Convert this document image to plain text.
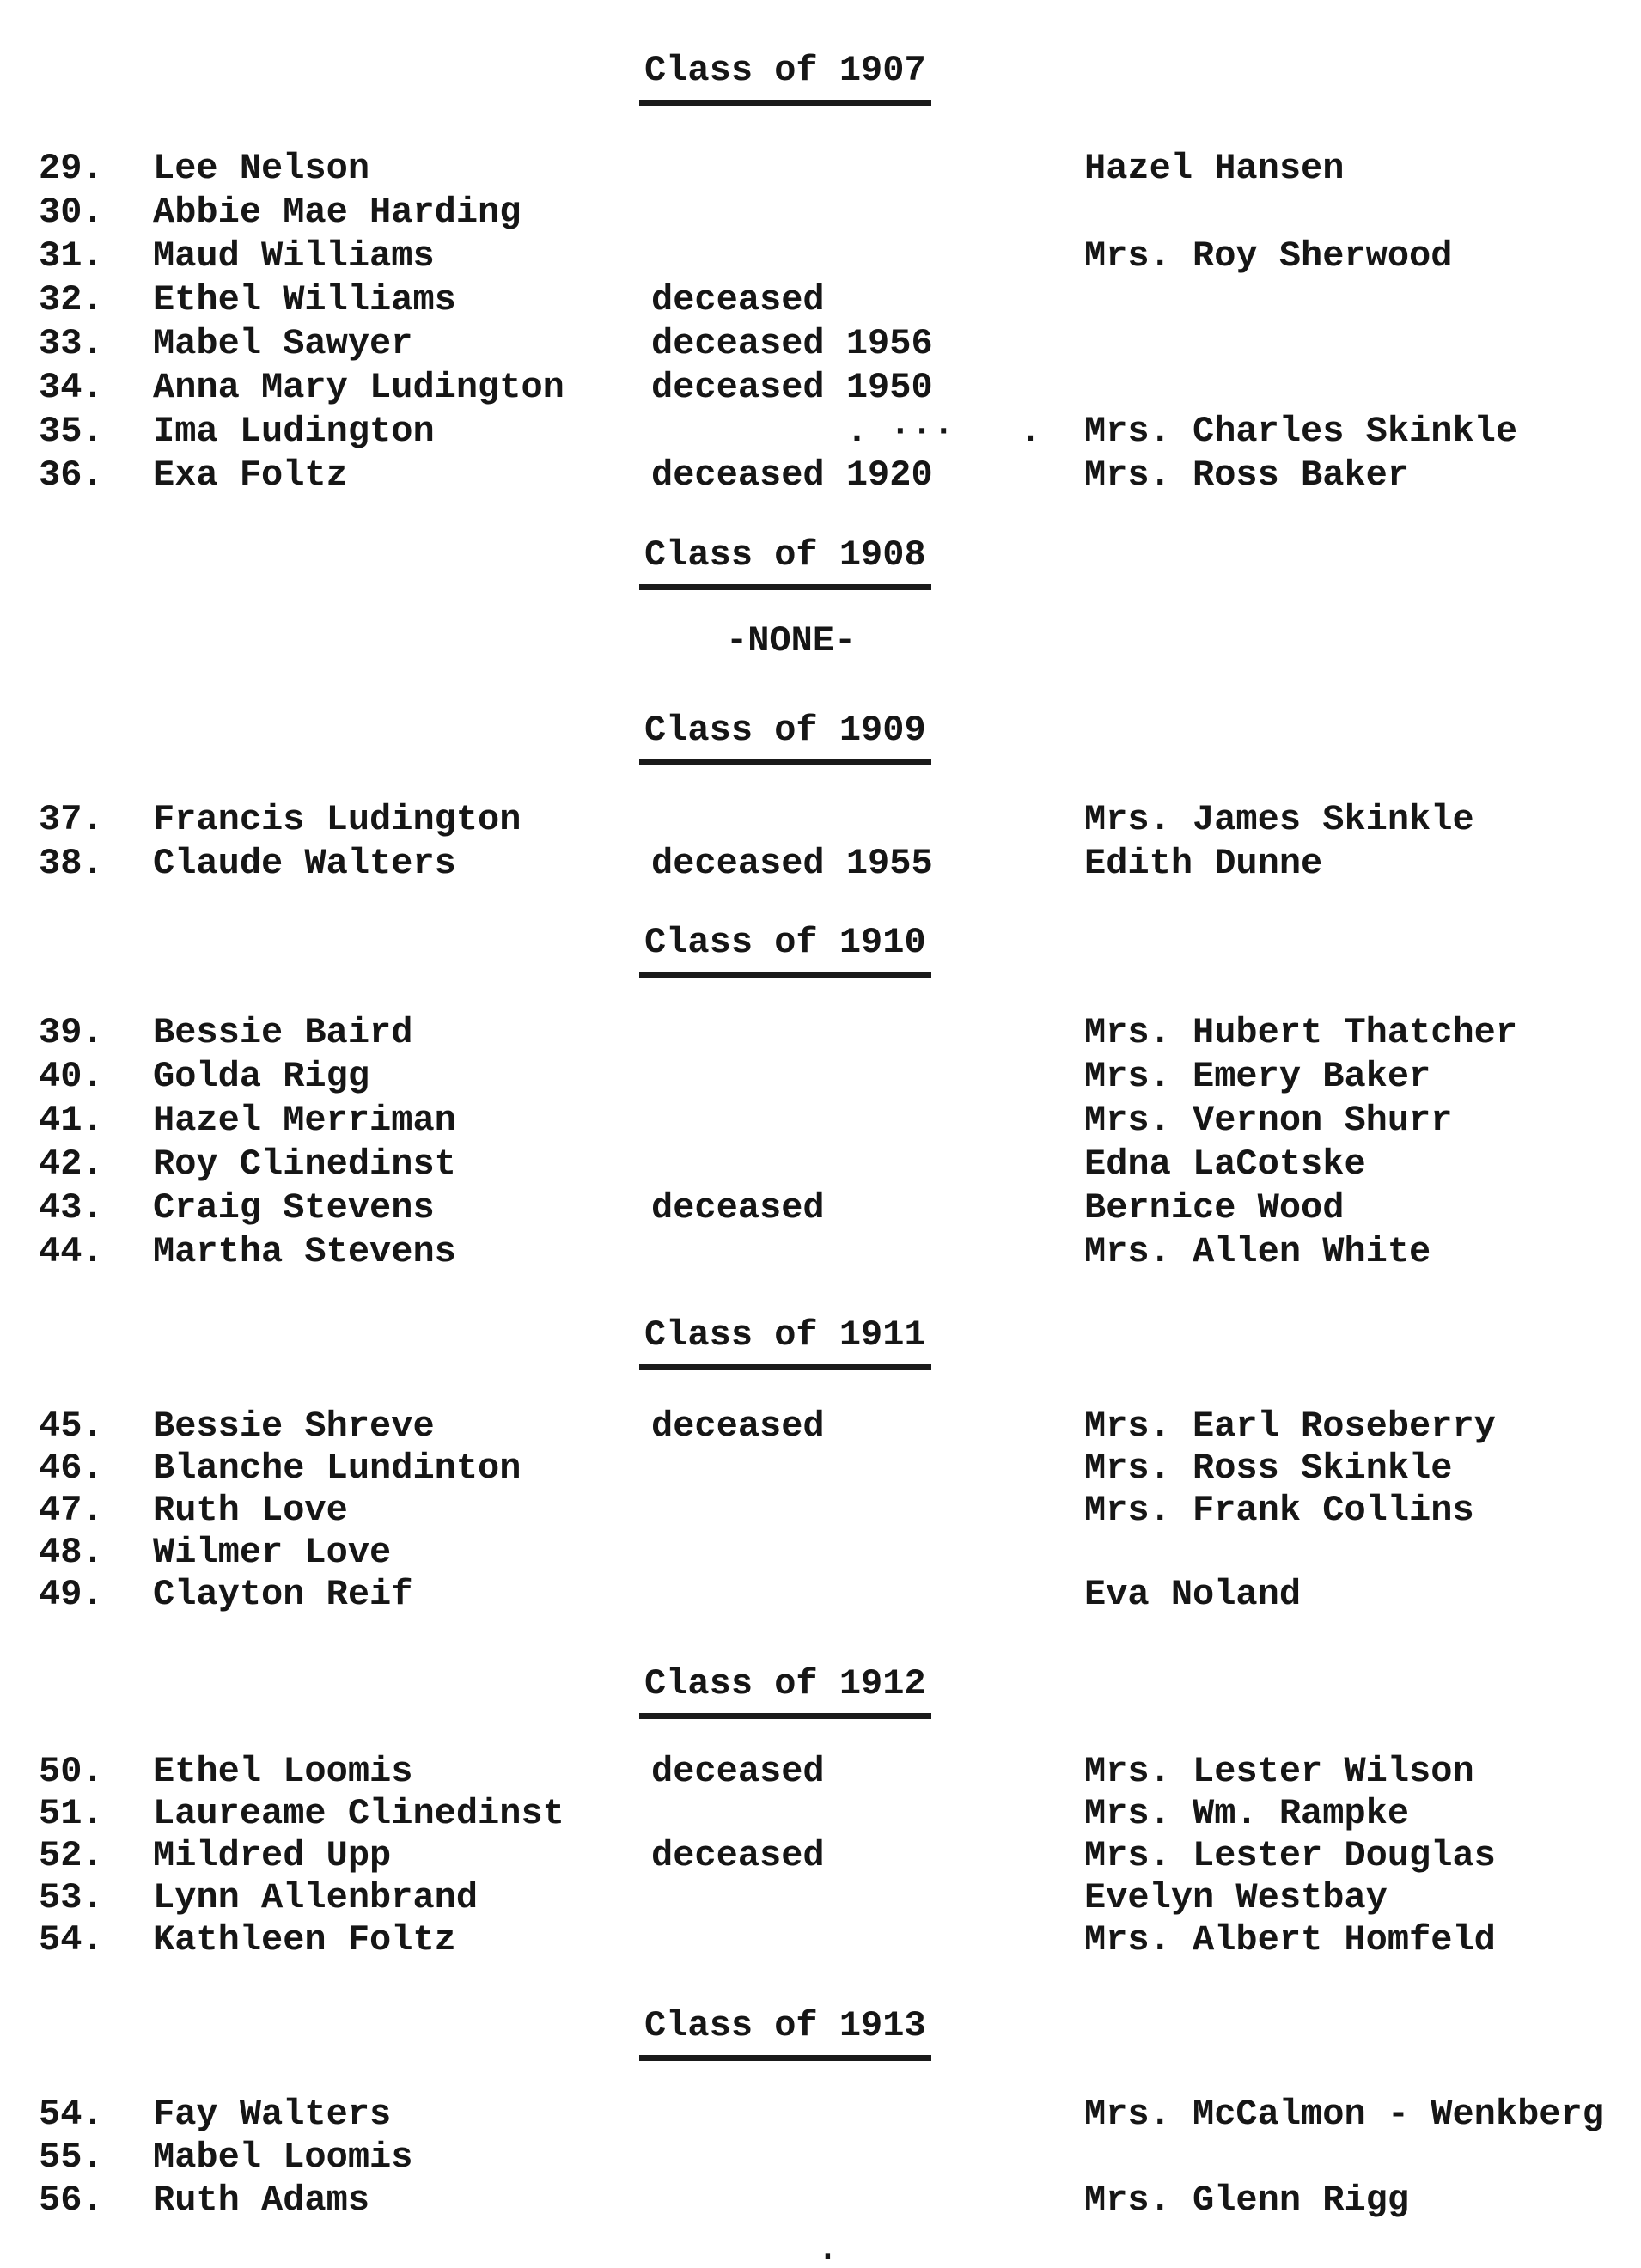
Class of 1907
29. Lee Nelson	Hazel Hansen
30. Abbie Mae Harding
31. Maud Williams	Mrs. Roy Sherwood
32. Ethel Williams	deceased
33. Mabel Sawyer	deceased 1956
34. Anna Mary Ludington deceased 1950
35. Ima Ludington	. ···   . Mrs. Charles Skinkle
36. Exa Foltz	deceased 1920	Mrs. Ross Baker
Class of 1908
-NONE-
Class of 1909
37. Francis Ludington	Mrs. James Skinkle
38. Claude Walters	deceased 1955	Edith Dunne
Class of 1910
39. Bessie Baird	Mrs. Hubert Thatcher
40. Golda Rigg	Mrs. Emery Baker
41. Hazel Merriman	Mrs. Vernon Shurr
42. Roy Clinedinst	Edna LaCotske
43. Craig Stevens	deceased	Bernice Wood
44. Martha Stevens	Mrs. Allen White
Class of 1911
45. Bessie Shreve	deceased	Mrs. Earl Roseberry
46. Blanche Lundinton	Mrs. Ross Skinkle
47. Ruth Love	Mrs. Frank Collins
48. Wilmer Love
49. Clayton Reif	Eva Noland
Class of 1912
50. Ethel Loomis	deceased	Mrs. Lester Wilson
51. Laureame Clinedinst	Mrs. Wm. Rampke
52. Mildred Upp	deceased	Mrs. Lester Douglas
53. Lynn Allenbrand	Evelyn Westbay
54. Kathleen Foltz	Mrs. Albert Homfeld
Class of 1913
54. Fay Walters	Mrs. McCalmon - Wenkberg
55. Mabel Loomis
56. Ruth Adams	Mrs. Glenn Rigg
.
